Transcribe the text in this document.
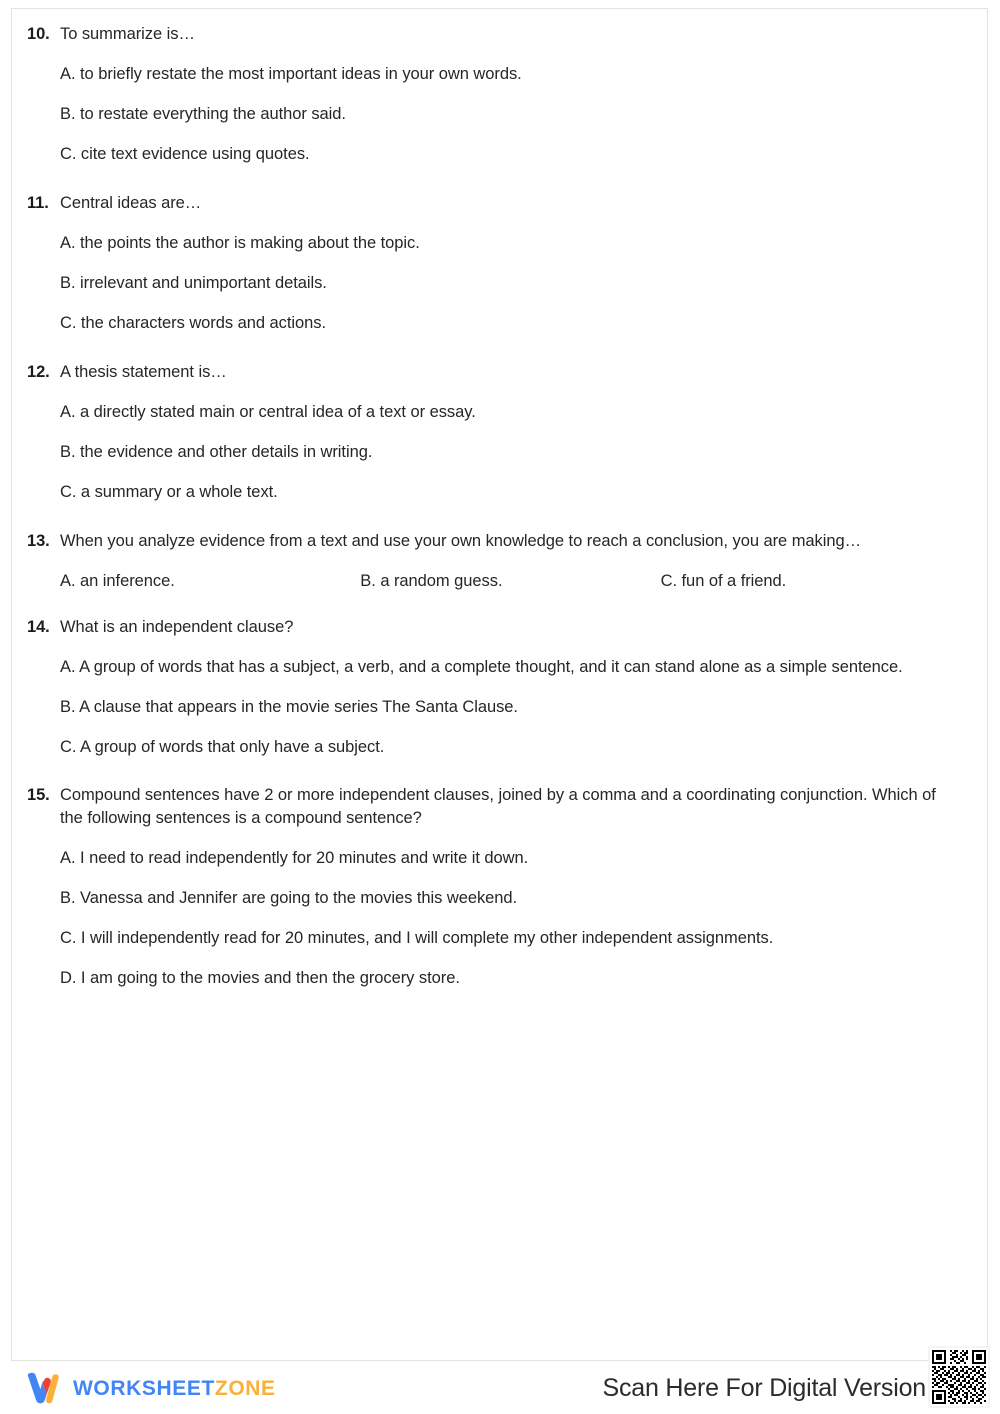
10. To summarize is…
A. to briefly restate the most important ideas in your own words.
B. to restate everything the author said.
C. cite text evidence using quotes.
11. Central ideas are…
A. the points the author is making about the topic.
B. irrelevant and unimportant details.
C. the characters words and actions.
12. A thesis statement is…
A. a directly stated main or central idea of a text or essay.
B. the evidence and other details in writing.
C. a summary or a whole text.
13. When you analyze evidence from a text and use your own knowledge to reach a conclusion, you are making…
A. an inference.	B. a random guess.	C. fun of a friend.
14. What is an independent clause?
A. A group of words that has a subject, a verb, and a complete thought, and it can stand alone as a simple sentence.
B. A clause that appears in the movie series The Santa Clause.
C. A group of words that only have a subject.
15. Compound sentences have 2 or more independent clauses, joined by a comma and a coordinating conjunction. Which of the following sentences is a compound sentence?
A. I need to read independently for 20 minutes and write it down.
B. Vanessa and Jennifer are going to the movies this weekend.
C. I will independently read for 20 minutes, and I will complete my other independent assignments.
D. I am going to the movies and then the grocery store.
WORKSHEETZONE	Scan Here For Digital Version
